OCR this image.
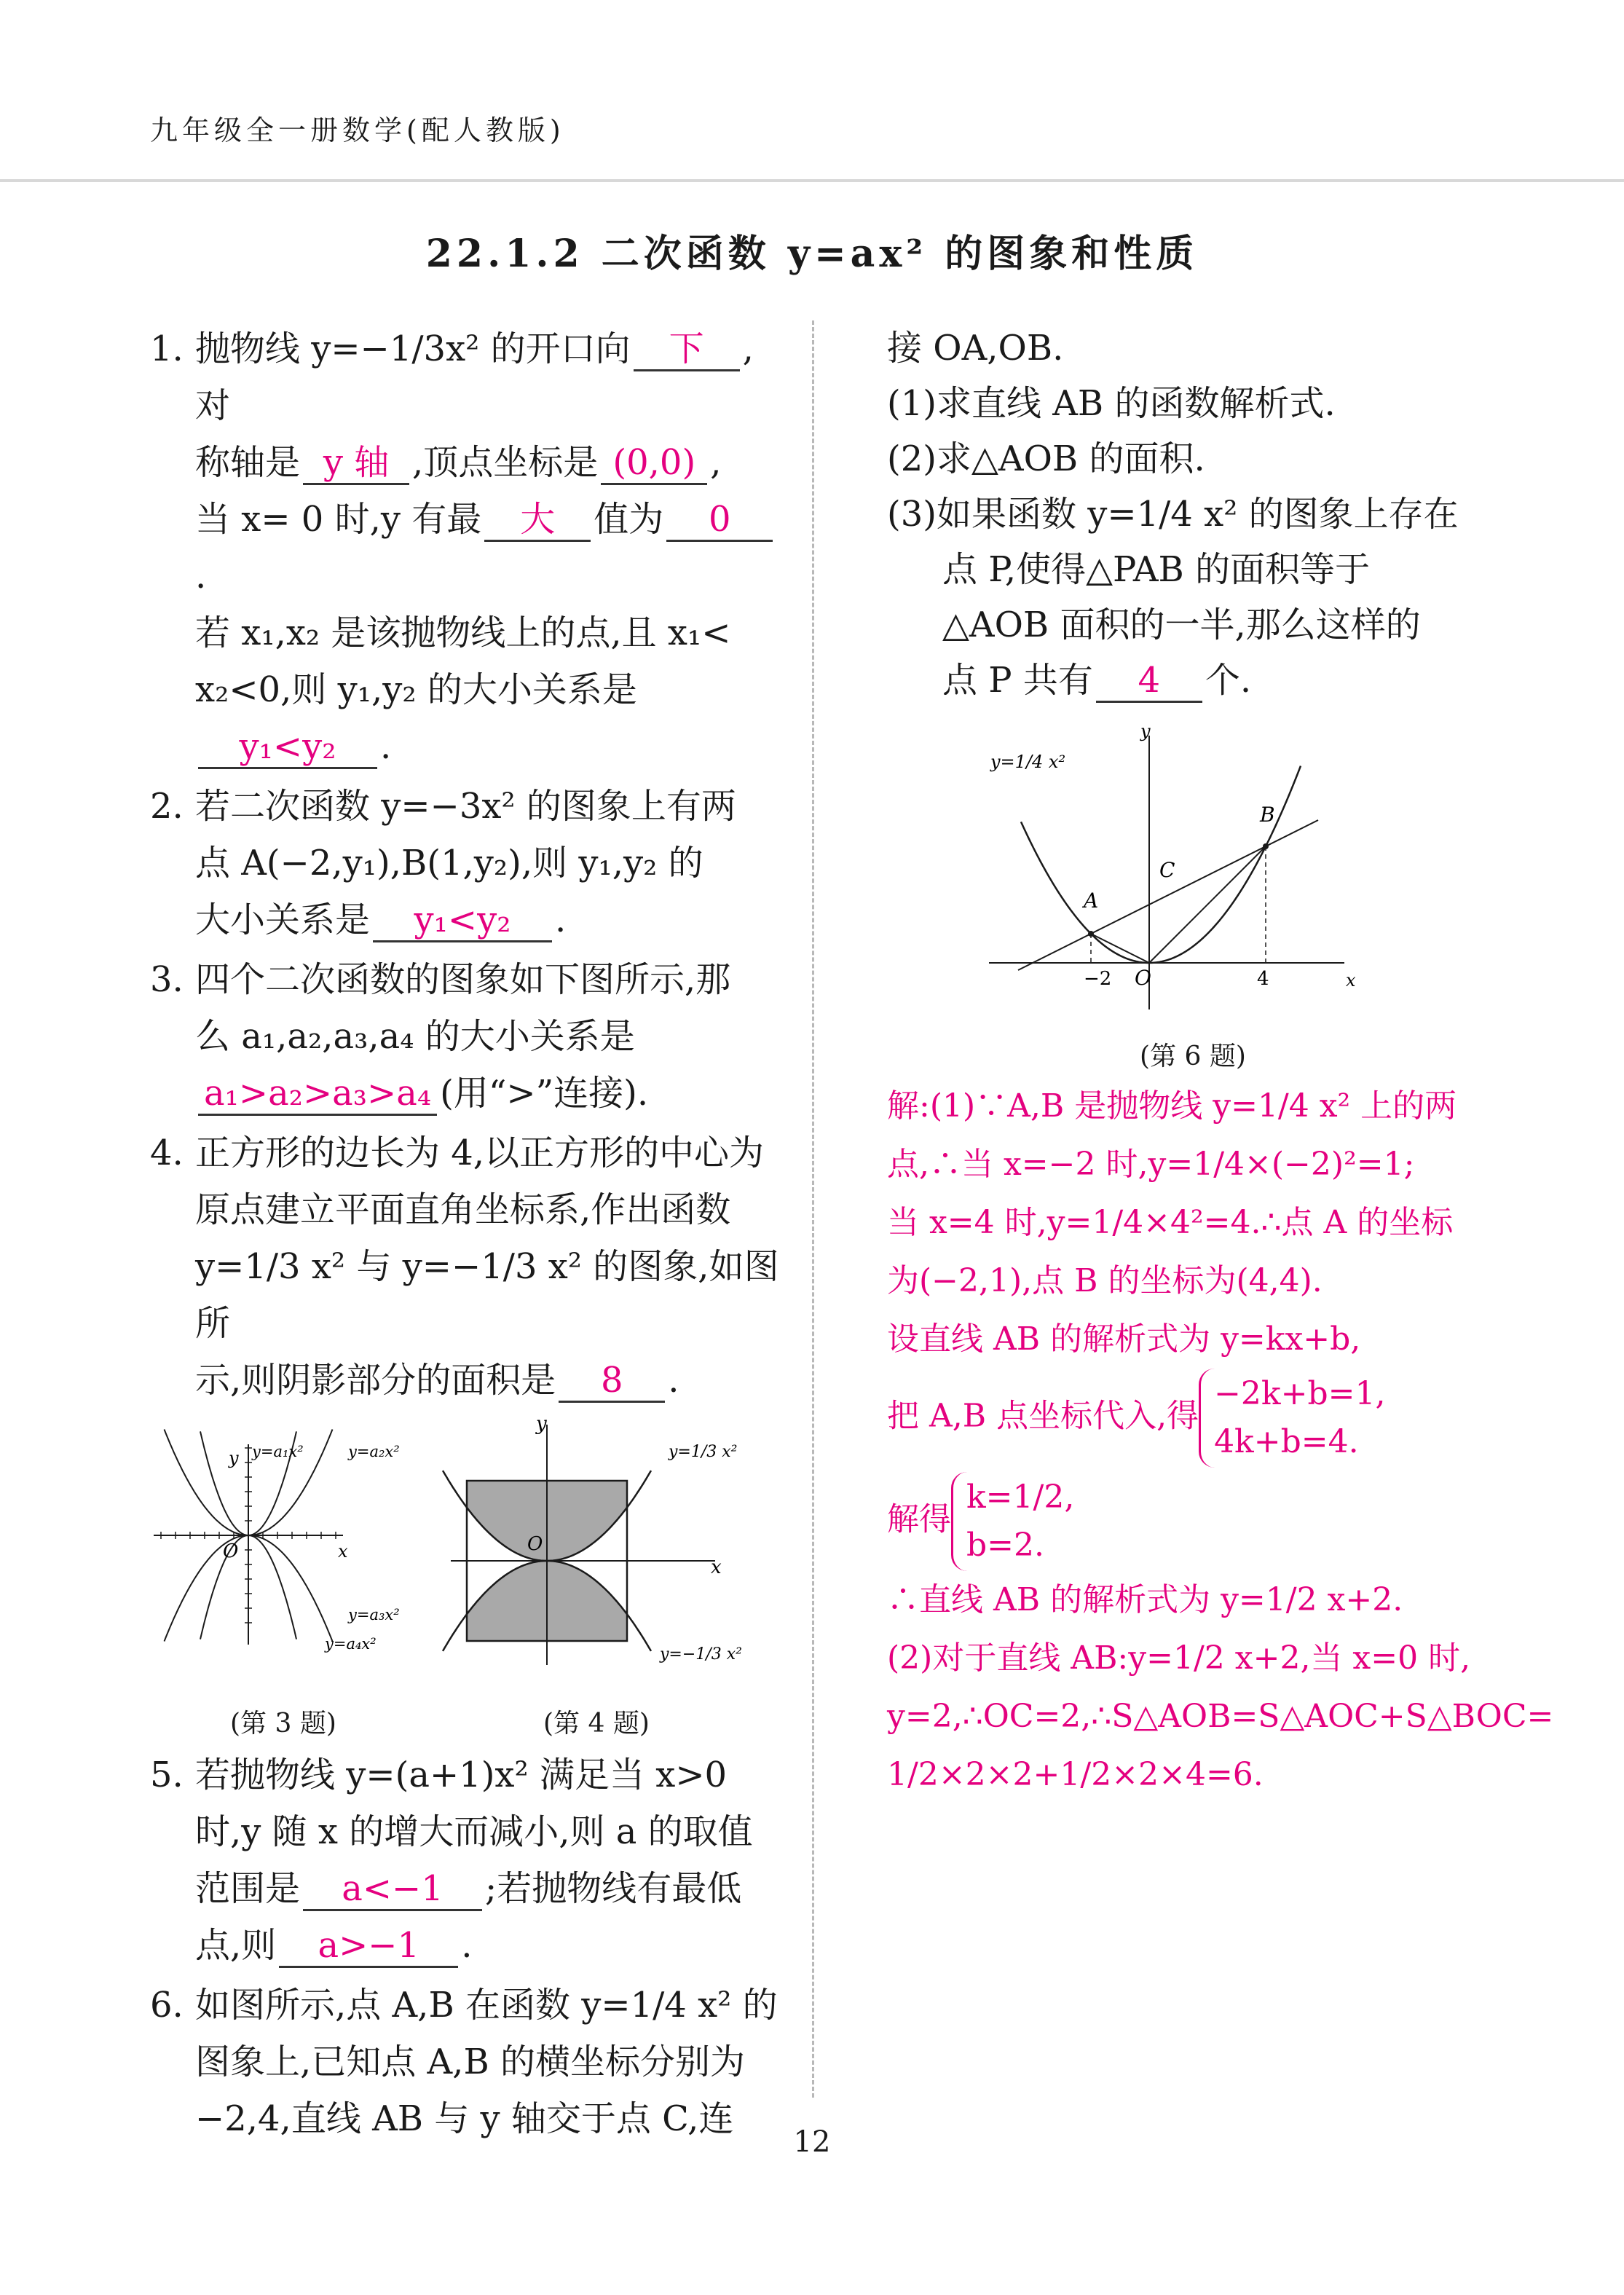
九年级全一册数学(配人教版)
22.1.2 二次函数 y=ax² 的图象和性质
1. 抛物线 y=−1/3x² 的开口向 下 ,对
称轴是 y 轴 ,顶点坐标是 (0,0) ,
当 x= 0 时,y 有最 大 值为 0.
若 x₁,x₂ 是该抛物线上的点,且 x₁<
x₂<0,则 y₁,y₂ 的大小关系是y₁<y₂ .
2. 若二次函数 y=−3x² 的图象上有两
点 A(−2,y₁),B(1,y₂),则 y₁,y₂ 的
大小关系是 y₁<y₂ .
3. 四个二次函数的图象如下图所示,那
么 a₁,a₂,a₃,a₄ 的大小关系是
a₁>a₂>a₃>a₄ (用“>”连接).
4. 正方形的边长为 4,以正方形的中心为
原点建立平面直角坐标系,作出函数
y=1/3 x² 与 y=−1/3 x² 的图象,如图所
示,则阴影部分的面积是 8 .
y
x
O
y=a₁x²	y=a₂x²
y=a₃x²
y=a₄x²
y
x
O
y=1/3 x²
y=−1/3 x²
(第 3 题)	(第 4 题)
5. 若抛物线 y=(a+1)x² 满足当 x>0
时,y 随 x 的增大而减小,则 a 的取值
范围是 a<−1 ;若抛物线有最低
点,则 a>−1 .
6. 如图所示,点 A,B 在函数 y=1/4 x² 的
图象上,已知点 A,B 的横坐标分别为
−2,4,直线 AB 与 y 轴交于点 C,连
接 OA,OB.
(1)求直线 AB 的函数解析式.
(2)求△AOB 的面积.
(3)如果函数 y=1/4 x² 的图象上存在
点 P,使得△PAB 的面积等于
△AOB 面积的一半,那么这样的
点 P 共有 4 个.
y=1/4 x²
y
x
O
A
B
C
−2	4
(第 6 题)
解:(1)∵A,B 是抛物线 y=1/4 x² 上的两
点,∴当 x=−2 时,y=1/4×(−2)²=1;
当 x=4 时,y=1/4×4²=4.∴点 A 的坐标
为(−2,1),点 B 的坐标为(4,4).
设直线 AB 的解析式为 y=kx+b,
把 A,B 点坐标代入,得−2k+b=1,
4k+b=4.
解得k=1/2,
b=2.
∴直线 AB 的解析式为 y=1/2 x+2.
(2)对于直线 AB:y=1/2 x+2,当 x=0 时,
y=2,∴OC=2,∴S△AOB=S△AOC+S△BOC=
1/2×2×2+1/2×2×4=6.
12
